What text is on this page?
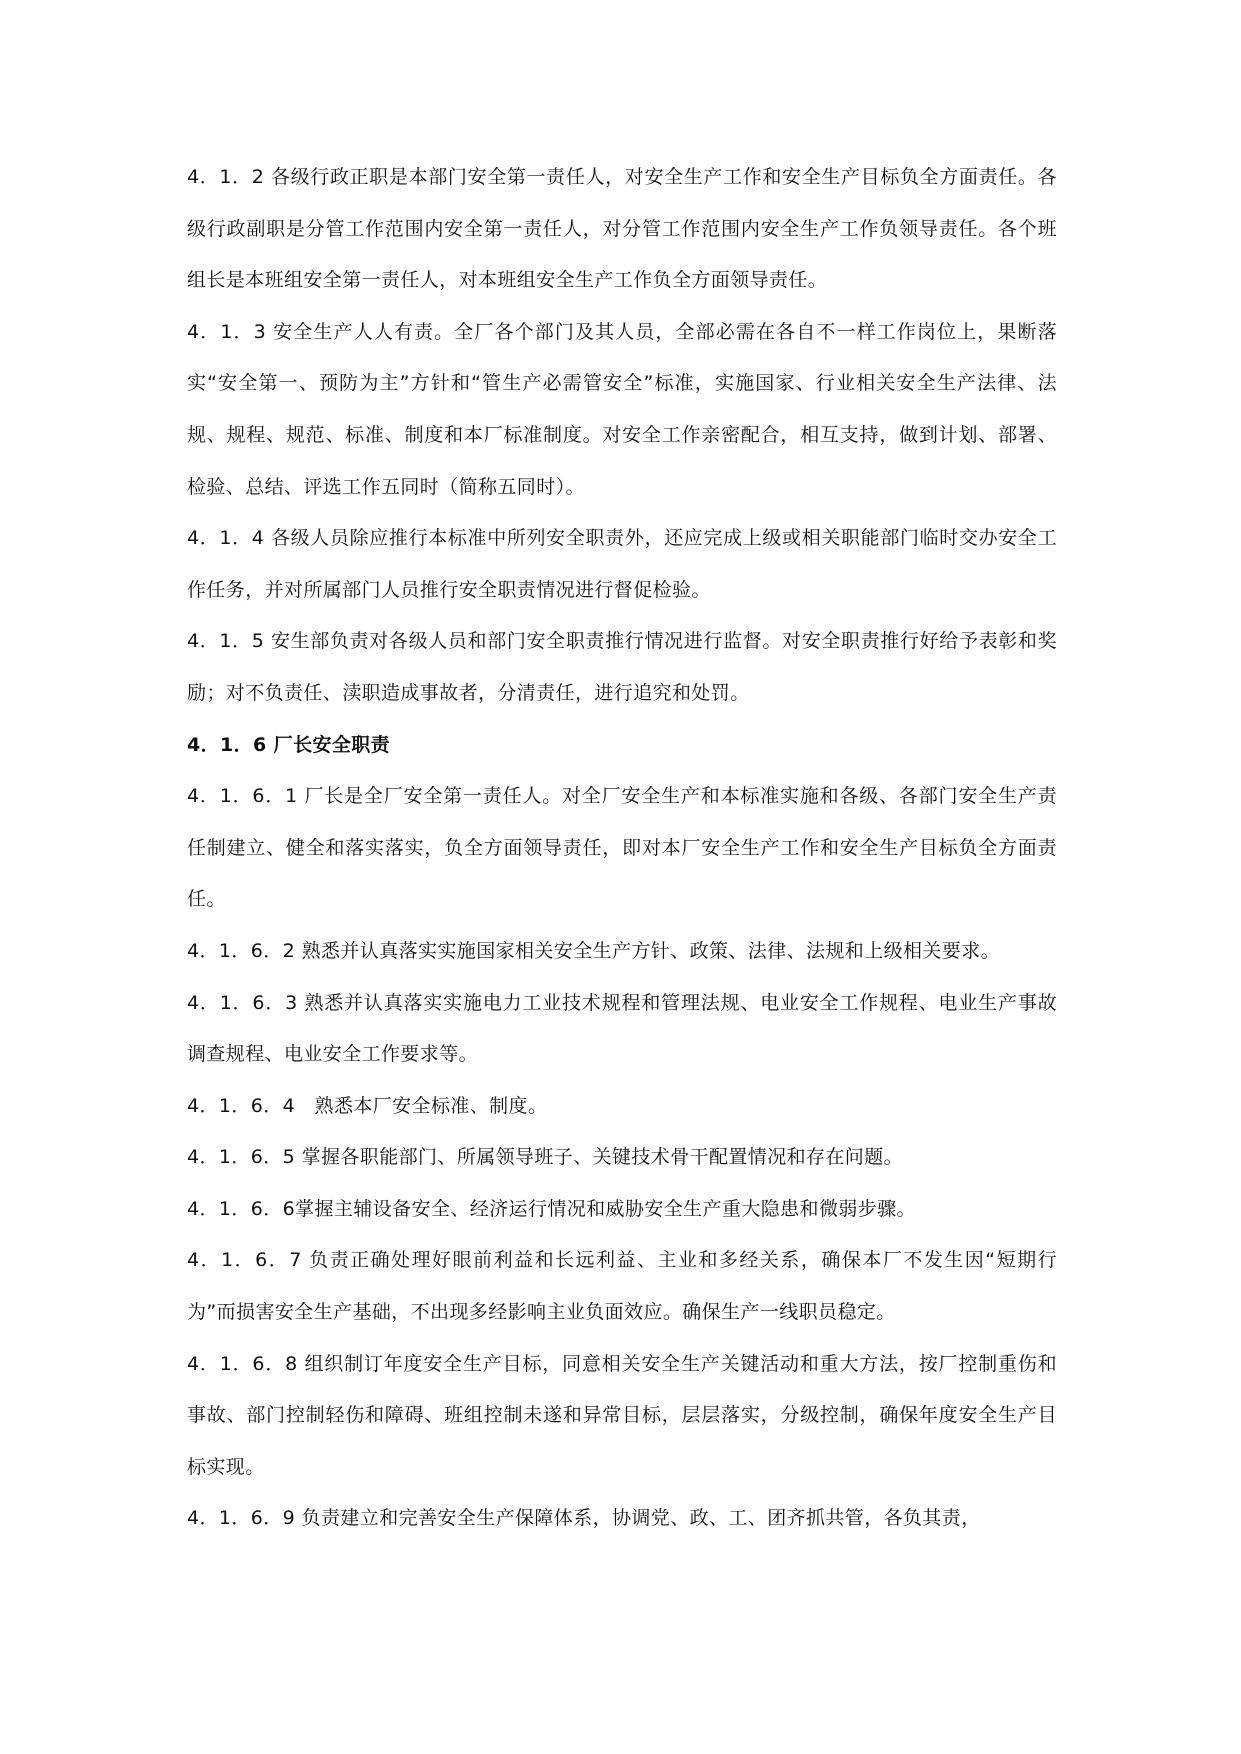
4．1．2 各级行政正职是本部门安全第一责任人，对安全生产工作和安全生产目标负全方面责任。各级行政副职是分管工作范围内安全第一责任人，对分管工作范围内安全生产工作负领导责任。各个班组长是本班组安全第一责任人，对本班组安全生产工作负全方面领导责任。

4．1．3 安全生产人人有责。全厂各个部门及其人员，全部必需在各自不一样工作岗位上，果断落实“安全第一、预防为主”方针和“管生产必需管安全”标准，实施国家、行业相关安全生产法律、法规、规程、规范、标准、制度和本厂标准制度。对安全工作亲密配合，相互支持，做到计划、部署、检验、总结、评选工作五同时（简称五同时）。

4．1．4 各级人员除应推行本标准中所列安全职责外，还应完成上级或相关职能部门临时交办安全工作任务，并对所属部门人员推行安全职责情况进行督促检验。

4．1．5 安生部负责对各级人员和部门安全职责推行情况进行监督。对安全职责推行好给予表彰和奖励；对不负责任、渎职造成事故者，分清责任，进行追究和处罚。

4．1．6 厂长安全职责

4．1．6．1 厂长是全厂安全第一责任人。对全厂安全生产和本标准实施和各级、各部门安全生产责任制建立、健全和落实落实，负全方面领导责任，即对本厂安全生产工作和安全生产目标负全方面责任。

4．1．6．2 熟悉并认真落实实施国家相关安全生产方针、政策、法律、法规和上级相关要求。

4．1．6．3 熟悉并认真落实实施电力工业技术规程和管理法规、电业安全工作规程、电业生产事故调查规程、电业安全工作要求等。

4．1．6．4　熟悉本厂安全标准、制度。

4．1．6．5 掌握各职能部门、所属领导班子、关键技术骨干配置情况和存在问题。

4．1．6．6掌握主辅设备安全、经济运行情况和威胁安全生产重大隐患和微弱步骤。

4．1．6．7 负责正确处理好眼前利益和长远利益、主业和多经关系，确保本厂不发生因“短期行为”而损害安全生产基础，不出现多经影响主业负面效应。确保生产一线职员稳定。

4．1．6．8 组织制订年度安全生产目标，同意相关安全生产关键活动和重大方法，按厂控制重伤和事故、部门控制轻伤和障碍、班组控制未遂和异常目标，层层落实，分级控制，确保年度安全生产目标实现。

4．1．6．9 负责建立和完善安全生产保障体系，协调党、政、工、团齐抓共管，各负其责，
